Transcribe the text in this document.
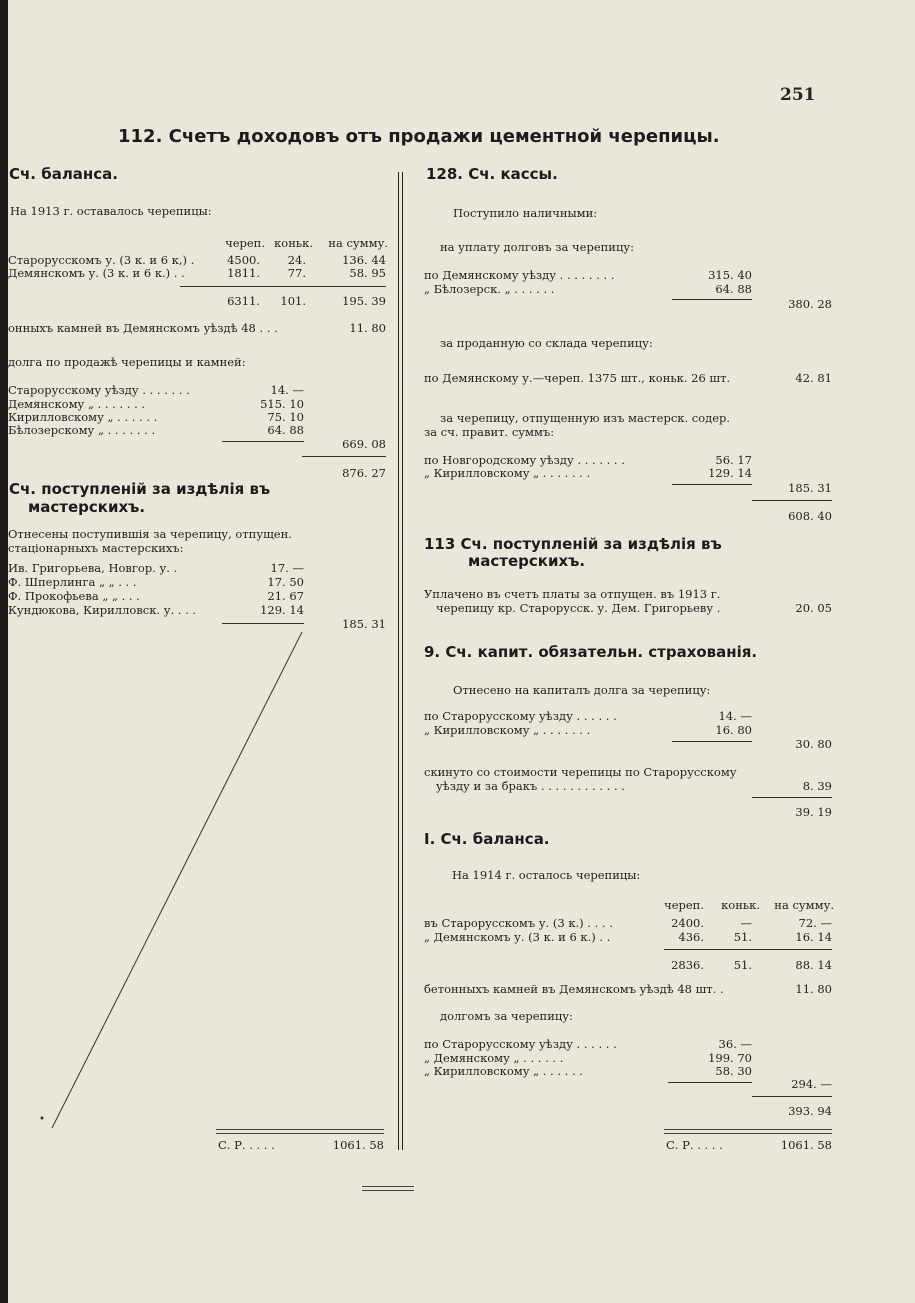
251
112. Счетъ доходовъ отъ продажи цементной черепицы.
Сч. баланса.
На 1913 г. оставалось черепицы:
череп. коньк.	на сумму.
Старорусскомъ у. (3 к. и 6 к,) .	4500.	24.	136. 44
Демянскомъ у. (3 к. и 6 к.) . .	1811.	77.	58. 95
6311.	101.	195. 39
онныхъ камней въ Демянскомъ уѣздѣ 48 . . .	11. 80
долга по продажѣ черепицы и камней:
Старорусскому уѣзду . . . . . . .	14. —
Демянскому „ . . . . . . .	515. 10
Кирилловскому „ . . . . . .	75. 10
Бѣлозерскому „ . . . . . . .	64. 88
669. 08
876. 27
Сч. поступленій за издѣлія въ
мастерскихъ.
Отнесены поступившія за черепицу, отпущен.
стаціонарныхъ мастерскихъ:
Ив. Григорьева, Новгор. у. .	17. —
Ф. Шперлинга „ „ . . .	17. 50
Ф. Прокофьева „ „ . . .	21. 67
Кундюкова, Кирилловск. у. . . .	129. 14
185. 31
С. Р. . . . .	1061. 58
128. Сч. кассы.
Поступило наличными:
на уплату долговъ за черепицу:
по Демянскому уѣзду . . . . . . . .	315. 40
„ Бѣлозерск. „ . . . . . .	64. 88
380. 28
за проданную со склада черепицу:
по Демянскому у.—череп. 1375 шт., коньк. 26 шт.	42. 81
за черепицу, отпущенную изъ мастерск. содер.
за сч. правит. суммъ:
по Новгородскому уѣзду . . . . . . .	56. 17
„ Кирилловскому „ . . . . . . .	129. 14
185. 31
608. 40
113 Сч. поступленій за издѣлія въ
мастерскихъ.
Уплачено въ счетъ платы за отпущен. въ 1913 г.
черепицу кр. Старорусск. у. Дем. Григорьеву .	20. 05
9. Сч. капит. обязательн. страхованія.
Отнесено на капиталъ долга за черепицу:
по Старорусскому уѣзду . . . . . .	14. —
„ Кирилловскому „ . . . . . . .	16. 80
30. 80
скинуто со стоимости черепицы по Старорусскому
уѣзду и за бракъ . . . . . . . . . . . .	8. 39
39. 19
I. Сч. баланса.
На 1914 г. осталось черепицы:
череп.	коньк.	на сумму.
въ Старорусскомъ у. (3 к.) . . . .	2400.	—	72. —
„ Демянскомъ у. (3 к. и 6 к.) . .	436.	51.	16. 14
2836.	51.	88. 14
бетонныхъ камней въ Демянскомъ уѣздѣ 48 шт. .	11. 80
долгомъ за черепицу:
по Старорусскому уѣзду . . . . . .	36. —
„ Демянскому „ . . . . . .	199. 70
„ Кирилловскому „ . . . . . .	58. 30
294. —
393. 94
С. Р. . . . .	1061. 58
